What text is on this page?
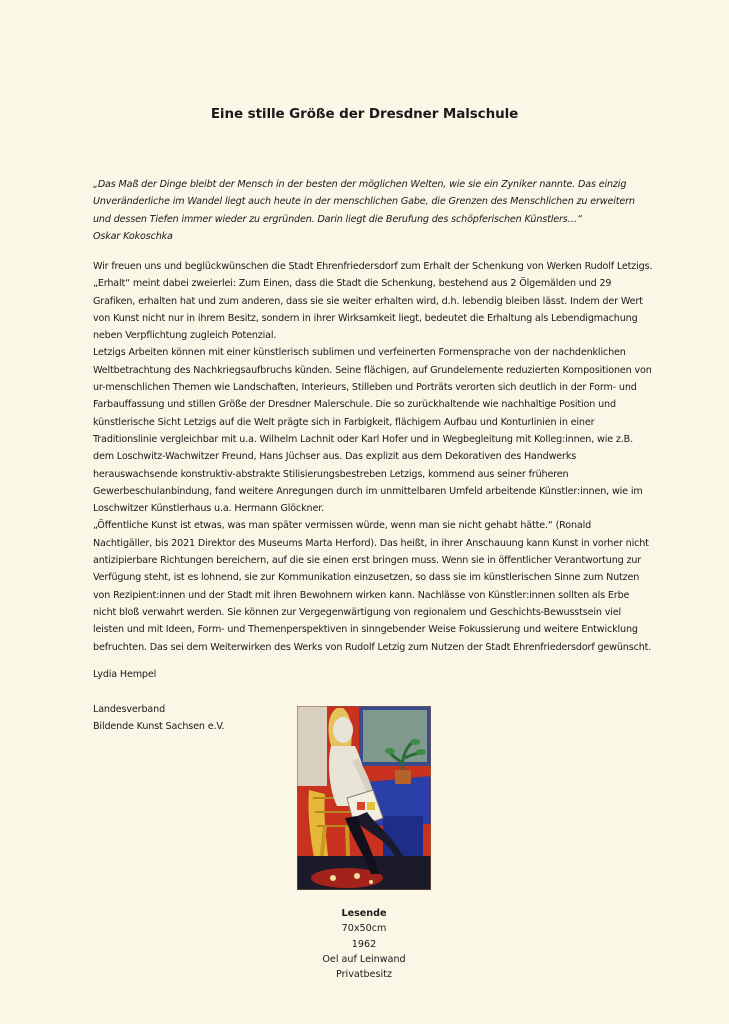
Eine stille Größe der Dresdner Malschule
„Das Maß der Dinge bleibt der Mensch in der besten der möglichen Welten, wie sie ein Zyniker nannte. Das einzig Unveränderliche im Wandel liegt auch heute in der menschlichen Gabe, die Grenzen des Menschlichen zu erweitern und dessen Tiefen immer wieder zu ergründen. Darin liegt die Berufung des schöpferischen Künstlers…“
Oskar Kokoschka

Wir freuen uns und beglückwünschen die Stadt Ehrenfriedersdorf zum Erhalt der Schenkung von Werken Rudolf Letzigs. „Erhalt“ meint dabei zweierlei: Zum Einen, dass die Stadt die Schenkung, bestehend aus 2 Ölgemälden und 29 Grafiken, erhalten hat und zum anderen, dass sie sie weiter erhalten wird, d.h. lebendig bleiben lässt. Indem der Wert von Kunst nicht nur in ihrem Besitz, sondern in ihrer Wirksamkeit liegt, bedeutet die Erhaltung als Lebendigmachung neben Verpflichtung zugleich Potenzial.

Letzigs Arbeiten können mit einer künstlerisch sublimen und verfeinerten Formensprache von der nachdenklichen Weltbetrachtung des Nachkriegsaufbruchs künden. Seine flächigen, auf Grundelemente reduzierten Kompositionen von ur-menschlichen Themen wie Landschaften, Interieurs, Stilleben und Porträts verorten sich deutlich in der Form- und Farbauffassung und stillen Größe der Dresdner Malerschule. Die so zurückhaltende wie nachhaltige Position und künstlerische Sicht Letzigs auf die Welt prägte sich in Farbigkeit, flächigem Aufbau und Konturlinien in einer Traditionslinie vergleichbar mit u.a. Wilhelm Lachnit oder Karl Hofer und in Wegbegleitung mit Kolleg:innen, wie z.B. dem Loschwitz-Wachwitzer Freund, Hans Jüchser aus. Das explizit aus dem Dekorativen des Handwerks herauswachsende konstruktiv-abstrakte Stilisierungsbestreben Letzigs, kommend aus seiner früheren Gewerbeschulanbindung, fand weitere Anregungen durch im unmittelbaren Umfeld arbeitende Künstler:innen, wie im Loschwitzer Künstlerhaus u.a. Hermann Glöckner.

„Öffentliche Kunst ist etwas, was man später vermissen würde, wenn man sie nicht gehabt hätte.“ (Ronald Nachtigäller, bis 2021 Direktor des Museums Marta Herford). Das heißt, in ihrer Anschauung kann Kunst in vorher nicht antizipierbare Richtungen bereichern, auf die sie einen erst bringen muss. Wenn sie in öffentlicher Verantwortung zur Verfügung steht, ist es lohnend, sie zur Kommunikation einzusetzen, so dass sie im künstlerischen Sinne zum Nutzen von Rezipient:innen und der Stadt mit ihren Bewohnern wirken kann. Nachlässe von Künstler:innen sollten als Erbe nicht bloß verwahrt werden. Sie können zur Vergegenwärtigung von regionalem und Geschichts-Bewusstsein viel leisten und mit Ideen, Form- und Themenperspektiven in sinngebender Weise Fokussierung und weitere Entwicklung befruchten. Das sei dem Weiterwirken des Werks von Rudolf Letzig zum Nutzen der Stadt Ehrenfriedersdorf gewünscht.

Lydia Hempel
Landesverband
Bildende Kunst Sachsen e.V.
Lesende
70x50cm
1962
Oel auf Leinwand
Privatbesitz
